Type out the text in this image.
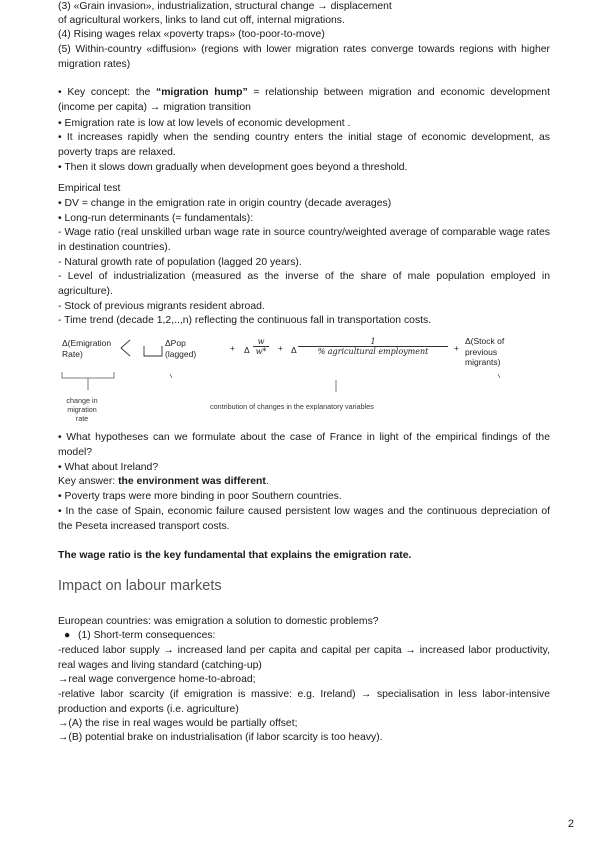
(3) «Grain invasion», industrialization, structural change → displacement
of agricultural workers, links to land cut off, internal migrations.
(4) Rising wages relax «poverty traps» (too-poor-to-move)
(5) Within-country «diffusion» (regions with lower migration rates converge towards regions with higher migration rates)
• Key concept: the “migration hump” = relationship between migration and economic development (income per capita) → migration transition
• Emigration rate is low at low levels of economic development .
• It increases rapidly when the sending country enters the initial stage of economic development, as poverty traps are relaxed.
• Then it slows down gradually when development goes beyond a threshold.
Empirical test
• DV = change in the emigration rate in origin country (decade averages)
• Long-run determinants (= fundamentals):
- Wage ratio (real unskilled urban wage rate in source country/weighted average of comparable wage rates in destination countries).
- Natural growth rate of population (lagged 20 years).
- Level of industrialization (measured as the inverse of the share of male population employed in agriculture).
- Stock of previous migrants resident abroad.
- Time trend (decade 1,2,..,n) reflecting the continuous fall in transportation costs.
Δ(Emigration
Rate)
ΔPop
(lagged)
+ Δ
w
w*	+ Δ
1
% agricultural employment	+
Δ(Stock of
previous
migrants)
change in
migration
rate
contribution of changes in the explanatory variables
• What hypotheses can we formulate about the case of France in light of the empirical findings of the model?
• What about Ireland?
Key answer: the environment was different.
• Poverty traps were more binding in poor Southern countries.
• In the case of Spain, economic failure caused persistent low wages and the continuous depreciation of the Peseta increased transport costs.
The wage ratio is the key fundamental that explains the emigration rate.
Impact on labour markets
European countries: was emigration a solution to domestic problems?
● (1) Short-term consequences:
-reduced labor supply → increased land per capita and capital per capita → increased labor productivity, real wages and living standard (catching-up)
→real wage convergence home-to-abroad;
-relative labor scarcity (if emigration is massive: e.g. Ireland) → specialisation in less labor-intensive production and exports (i.e. agriculture)
→(A) the rise in real wages would be partially offset;
→(B) potential brake on industrialisation (if labor scarcity is too heavy).
2
